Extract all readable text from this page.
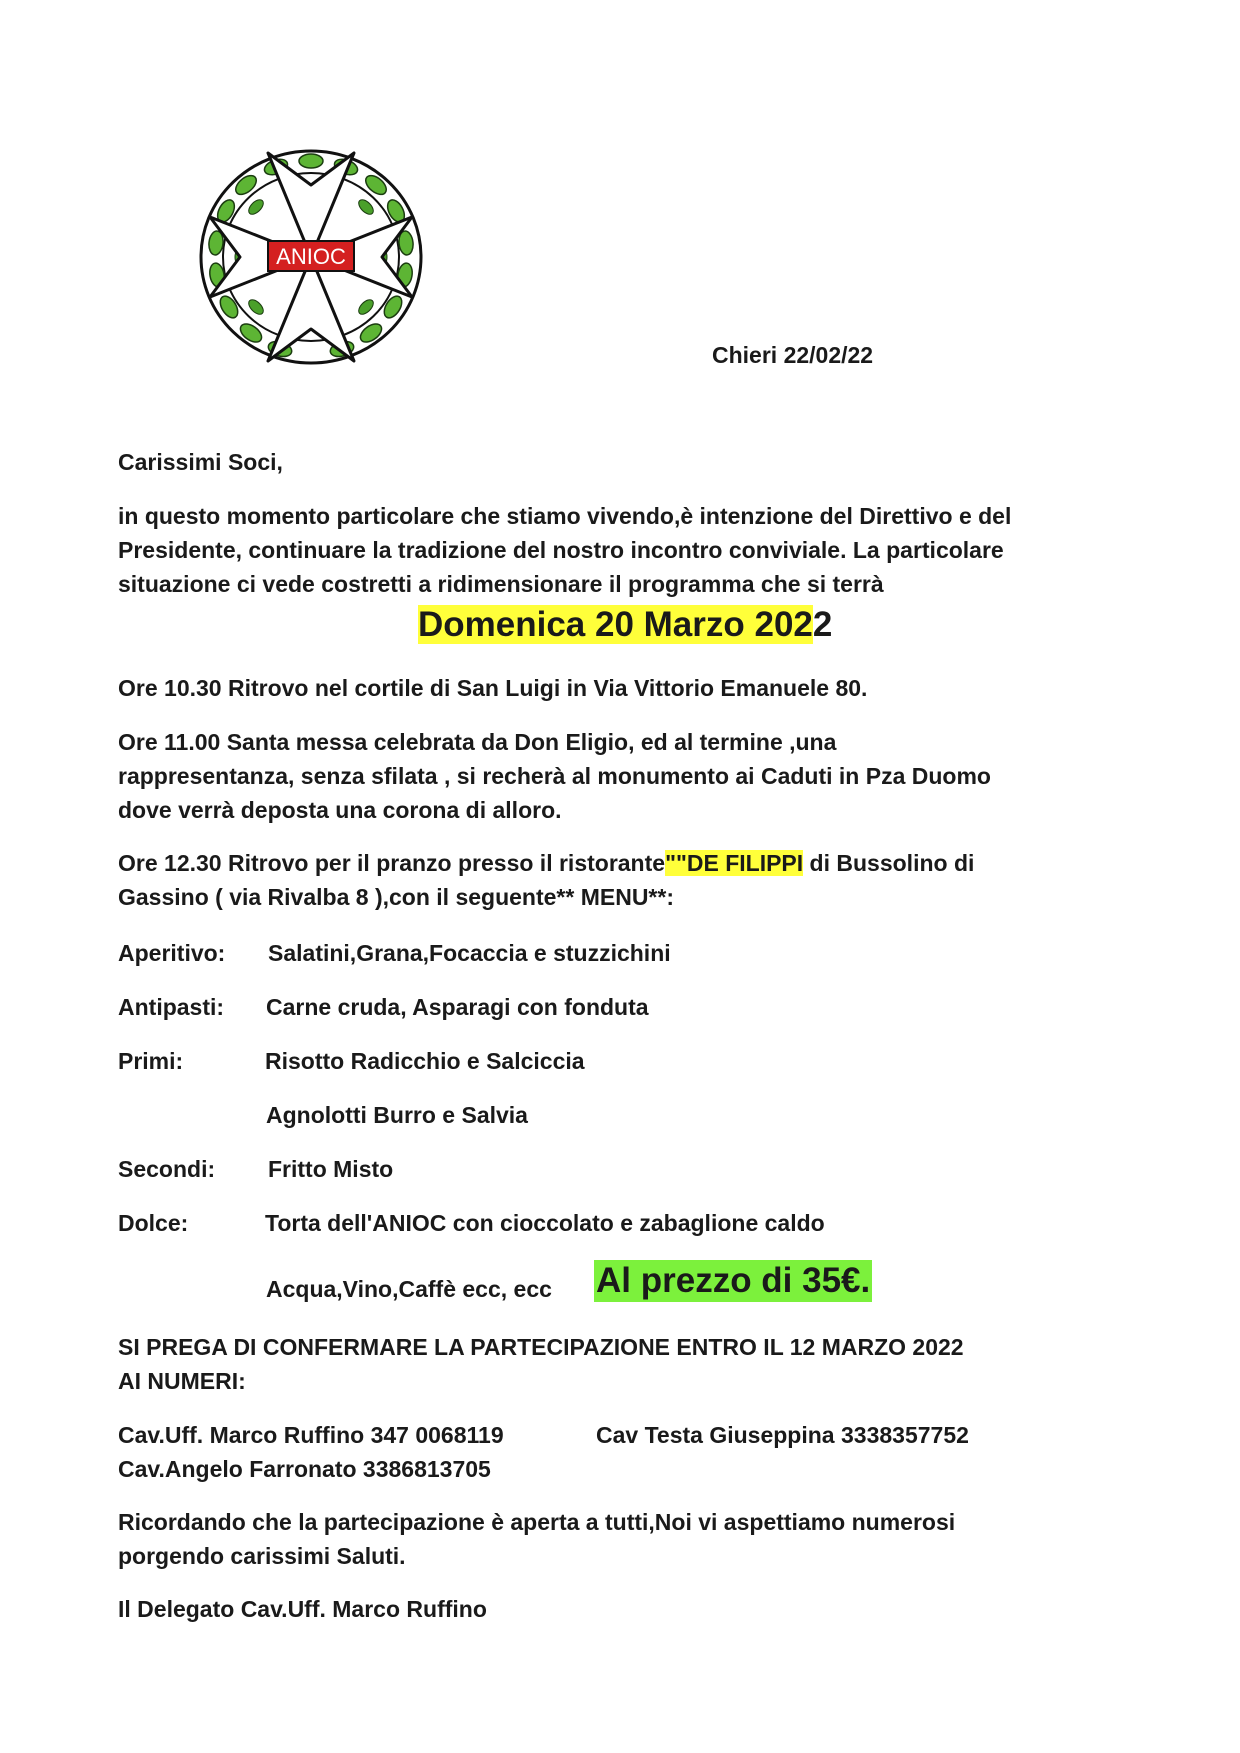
ANIOC
Chieri 22/02/22
Carissimi Soci,
in questo momento particolare che stiamo vivendo,è intenzione del Direttivo e del
Presidente, continuare la tradizione del nostro incontro conviviale. La particolare
situazione ci vede costretti a ridimensionare il programma che si terrà
Domenica 20 Marzo 2022
Ore 10.30 Ritrovo nel cortile di San Luigi in Via Vittorio Emanuele 80.
Ore 11.00 Santa messa celebrata da Don Eligio, ed al termine ,una
rappresentanza, senza sfilata , si recherà al monumento ai Caduti in Pza Duomo
dove verrà deposta una corona di alloro.
Ore 12.30 Ritrovo per il pranzo presso il ristorante""DE FILIPPI di Bussolino di
Gassino ( via Rivalba 8 ),con il seguente** MENU**:
Aperitivo: Salatini,Grana,Focaccia e stuzzichini
Antipasti: Carne cruda, Asparagi con fonduta
Primi:	Risotto Radicchio e Salciccia
Agnolotti Burro e Salvia
Secondi: Fritto Misto
Dolce:	Torta dell'ANIOC con cioccolato e zabaglione caldo
Acqua,Vino,Caffè ecc, ecc Al prezzo di 35€.
SI PREGA DI CONFERMARE LA PARTECIPAZIONE ENTRO IL 12 MARZO 2022
AI NUMERI:
Cav.Uff. Marco Ruffino 347 0068119	Cav Testa Giuseppina 3338357752
Cav.Angelo Farronato 3386813705
Ricordando che la partecipazione è aperta a tutti,Noi vi aspettiamo numerosi
porgendo carissimi Saluti.
Il Delegato Cav.Uff. Marco Ruffino
